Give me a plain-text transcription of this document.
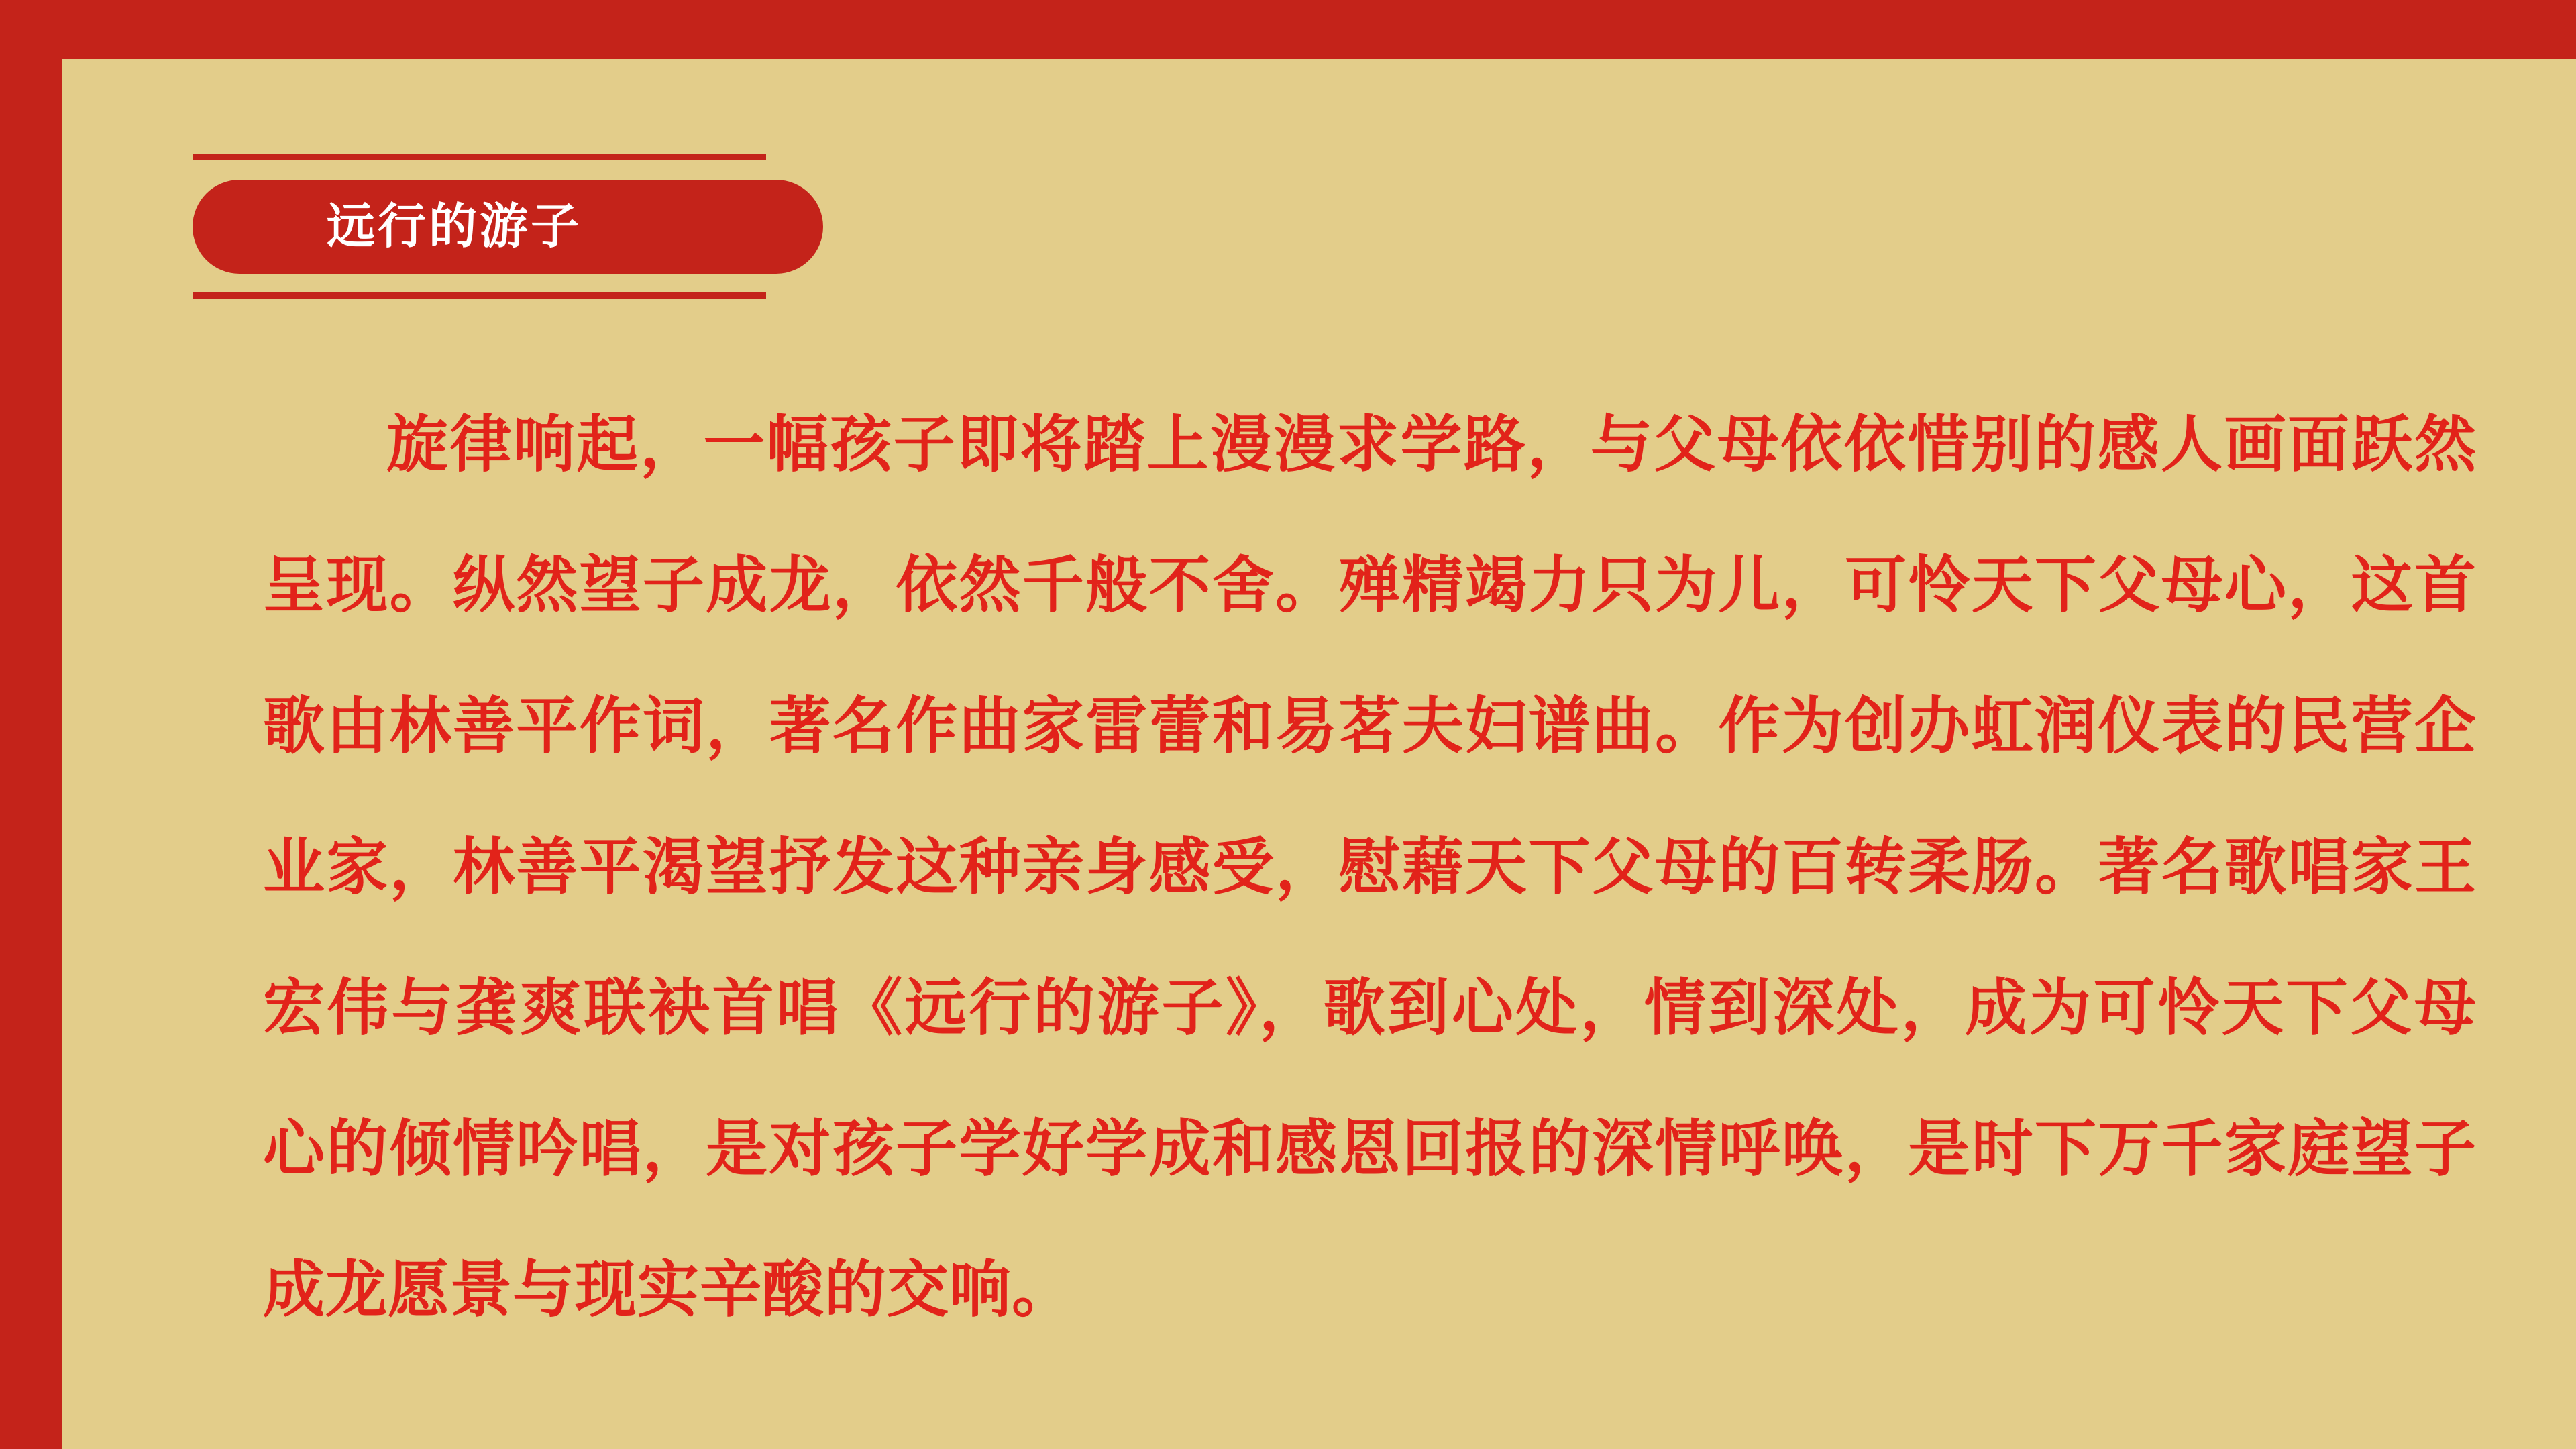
远行的游子
旋律响起，一幅孩子即将踏上漫漫求学路，与父母依依惜别的感人画面跃然呈现。纵然望子成龙，依然千般不舍。殚精竭力只为儿，可怜天下父母心，这首歌由林善平作词，著名作曲家雷蕾和易茗夫妇谱曲。作为创办虹润仪表的民营企业家，林善平渴望抒发这种亲身感受，慰藉天下父母的百转柔肠。著名歌唱家王宏伟与龚爽联袂首唱《远行的游子》，歌到心处，情到深处，成为可怜天下父母心的倾情吟唱，是对孩子学好学成和感恩回报的深情呼唤，是时下万千家庭望子成龙愿景与现实辛酸的交响。
